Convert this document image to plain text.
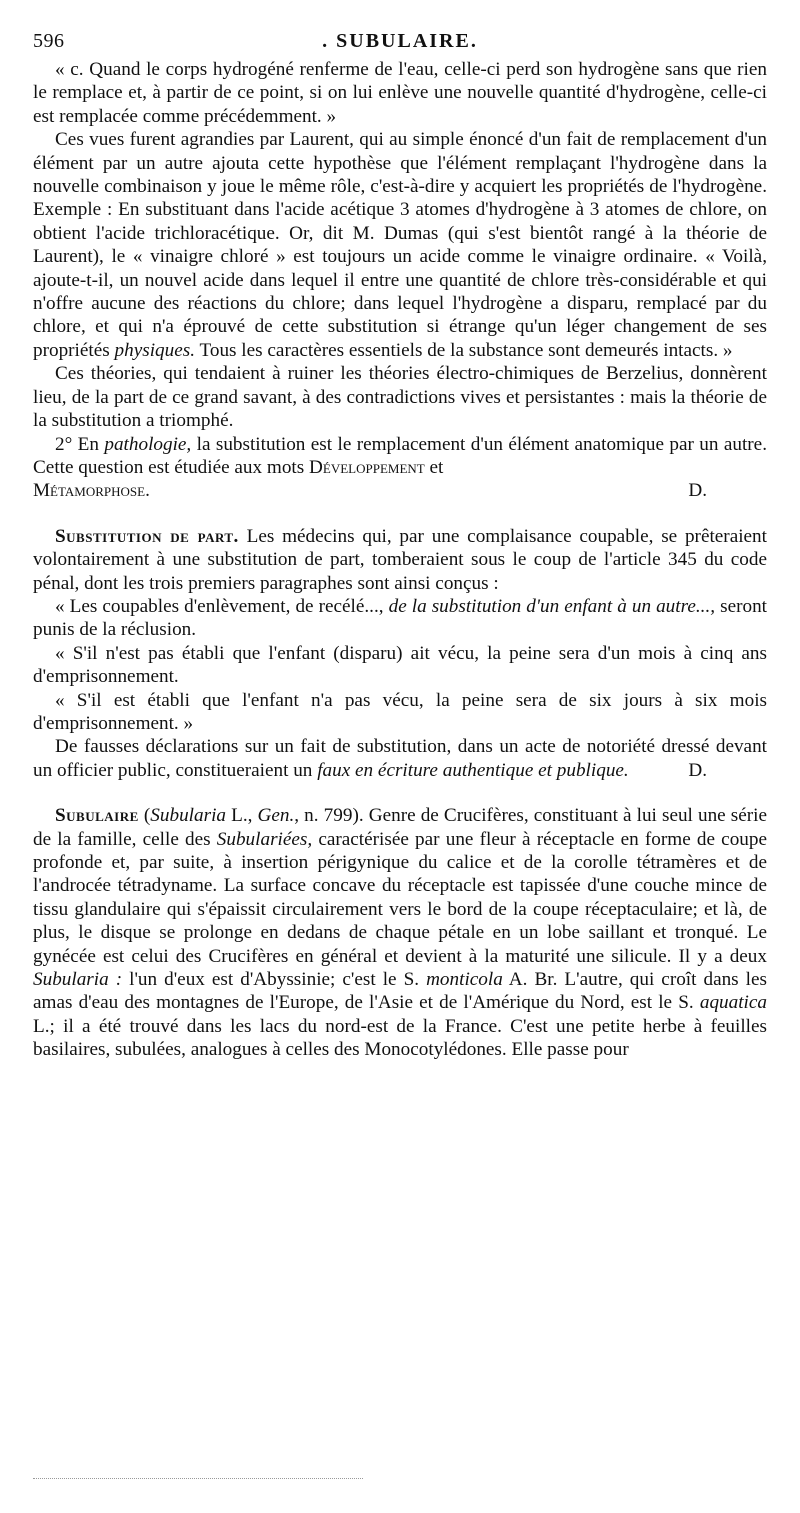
596	. SUBULAIRE.

« c. Quand le corps hydrogéné renferme de l'eau, celle-ci perd son hydrogène sans que rien le remplace et, à partir de ce point, si on lui enlève une nouvelle quantité d'hydrogène, celle-ci est remplacée comme précédemment. »

Ces vues furent agrandies par Laurent, qui au simple énoncé d'un fait de remplacement d'un élément par un autre ajouta cette hypothèse que l'élément remplaçant l'hydrogène dans la nouvelle combinaison y joue le même rôle, c'est-à-dire y acquiert les propriétés de l'hydrogène. Exemple : En substituant dans l'acide acétique 3 atomes d'hydrogène à 3 atomes de chlore, on obtient l'acide trichloracétique. Or, dit M. Dumas (qui s'est bientôt rangé à la théorie de Laurent), le « vinaigre chloré » est toujours un acide comme le vinaigre ordinaire. « Voilà, ajoute-t-il, un nouvel acide dans lequel il entre une quantité de chlore très-considérable et qui n'offre aucune des réactions du chlore; dans lequel l'hydrogène a disparu, remplacé par du chlore, et qui n'a éprouvé de cette substitution si étrange qu'un léger changement de ses propriétés physiques. Tous les caractères essentiels de la substance sont demeurés intacts. »

Ces théories, qui tendaient à ruiner les théories électro-chimiques de Berzelius, donnèrent lieu, de la part de ce grand savant, à des contradictions vives et persistantes : mais la théorie de la substitution a triomphé.

2° En pathologie, la substitution est le remplacement d'un élément anatomique par un autre. Cette question est étudiée aux mots Développement et
Métamorphose.	D.

Substitution de part. Les médecins qui, par une complaisance coupable, se prêteraient volontairement à une substitution de part, tomberaient sous le coup de l'article 345 du code pénal, dont les trois premiers paragraphes sont ainsi conçus :

« Les coupables d'enlèvement, de recélé..., de la substitution d'un enfant à un autre..., seront punis de la réclusion.

« S'il n'est pas établi que l'enfant (disparu) ait vécu, la peine sera d'un mois à cinq ans d'emprisonnement.

« S'il est établi que l'enfant n'a pas vécu, la peine sera de six jours à six mois d'emprisonnement. »

De fausses déclarations sur un fait de substitution, dans un acte de notoriété dressé devant un officier public, constitueraient un faux en écriture authentique et publique.	D.

Subulaire (Subularia L., Gen., n. 799). Genre de Crucifères, constituant à lui seul une série de la famille, celle des Subulariées, caractérisée par une fleur à réceptacle en forme de coupe profonde et, par suite, à insertion périgynique du calice et de la corolle tétramères et de l'androcée tétradyname. La surface concave du réceptacle est tapissée d'une couche mince de tissu glandulaire qui s'épaissit circulairement vers le bord de la coupe réceptaculaire; et là, de plus, le disque se prolonge en dedans de chaque pétale en un lobe saillant et tronqué. Le gynécée est celui des Crucifères en général et devient à la maturité une silicule. Il y a deux Subularia : l'un d'eux est d'Abyssinie; c'est le S. monticola A. Br. L'autre, qui croît dans les amas d'eau des montagnes de l'Europe, de l'Asie et de l'Amérique du Nord, est le S. aquatica L.; il a été trouvé dans les lacs du nord-est de la France. C'est une petite herbe à feuilles basilaires, subulées, analogues à celles des Monocotylédones. Elle passe pour
